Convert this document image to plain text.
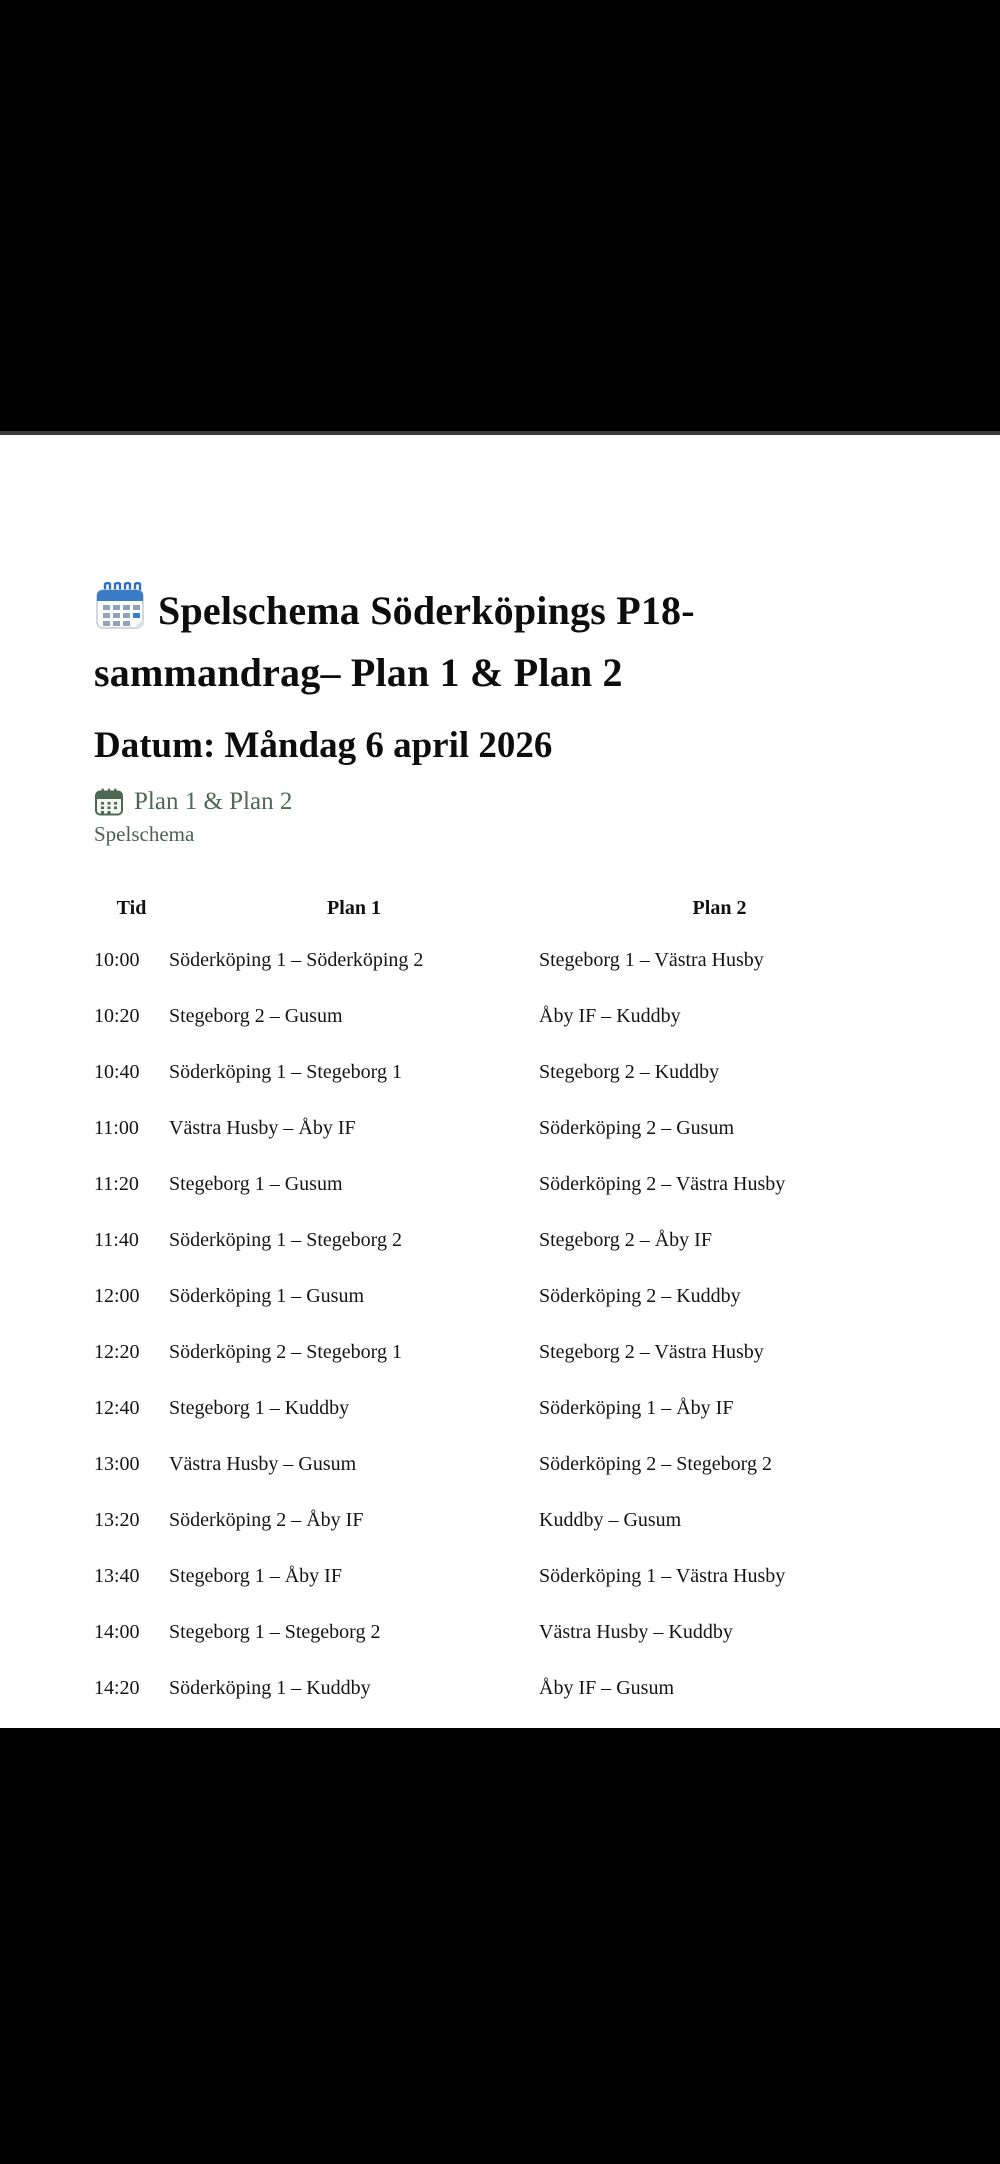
Spelschema Söderköpings P18-
sammandrag– Plan 1 & Plan 2
Datum: Måndag 6 april 2026
Plan 1 & Plan 2
Spelschema
Tid	Plan 1	Plan 2
10:00	Söderköping 1 – Söderköping 2	Stegeborg 1 – Västra Husby
10:20	Stegeborg 2 – Gusum	Åby IF – Kuddby
10:40	Söderköping 1 – Stegeborg 1	Stegeborg 2 – Kuddby
11:00	Västra Husby – Åby IF	Söderköping 2 – Gusum
11:20	Stegeborg 1 – Gusum	Söderköping 2 – Västra Husby
11:40	Söderköping 1 – Stegeborg 2	Stegeborg 2 – Åby IF
12:00	Söderköping 1 – Gusum	Söderköping 2 – Kuddby
12:20	Söderköping 2 – Stegeborg 1	Stegeborg 2 – Västra Husby
12:40	Stegeborg 1 – Kuddby	Söderköping 1 – Åby IF
13:00	Västra Husby – Gusum	Söderköping 2 – Stegeborg 2
13:20	Söderköping 2 – Åby IF	Kuddby – Gusum
13:40	Stegeborg 1 – Åby IF	Söderköping 1 – Västra Husby
14:00	Stegeborg 1 – Stegeborg 2	Västra Husby – Kuddby
14:20	Söderköping 1 – Kuddby	Åby IF – Gusum
